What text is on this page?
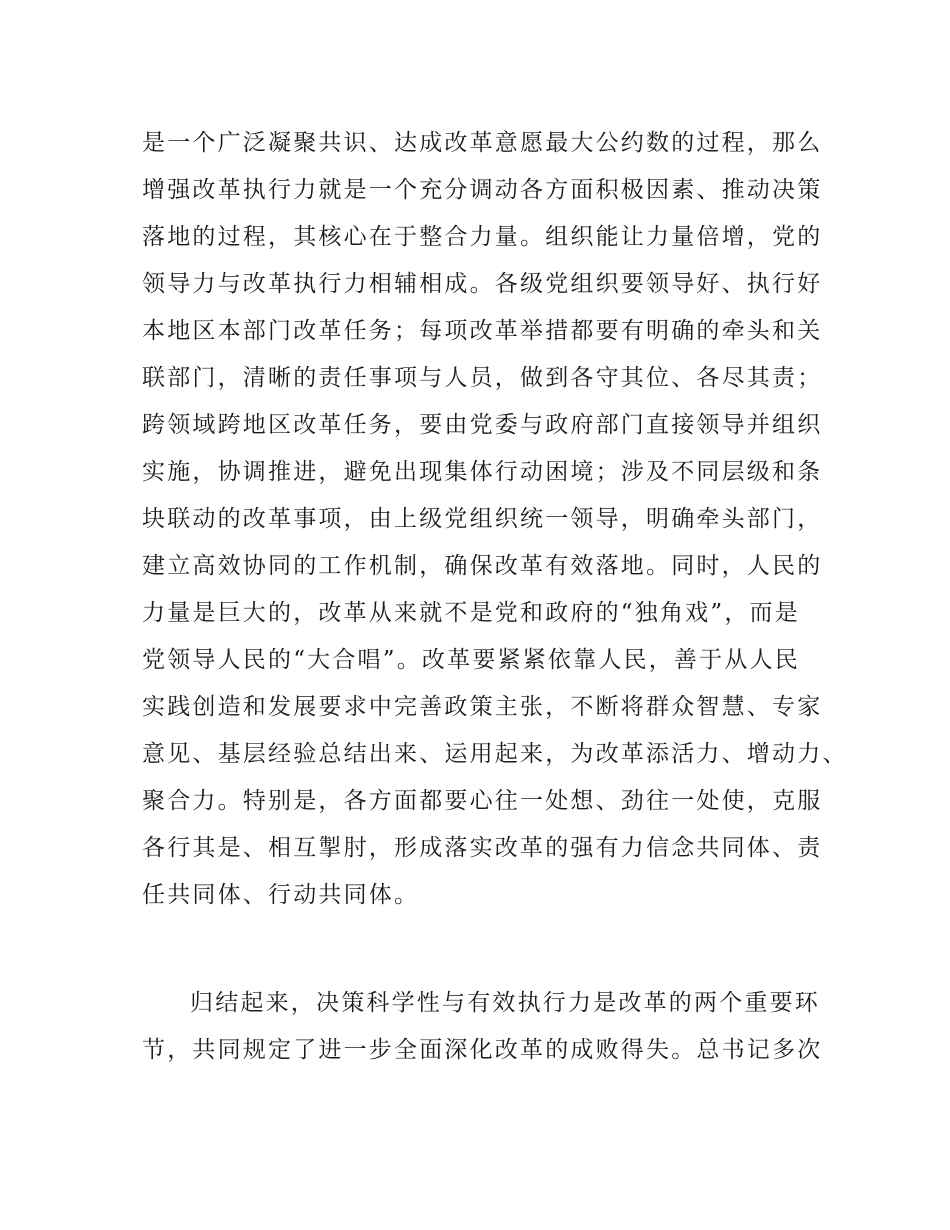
是一个广泛凝聚共识、达成改革意愿最大公约数的过程，那么
增强改革执行力就是一个充分调动各方面积极因素、推动决策
落地的过程，其核心在于整合力量。组织能让力量倍增，党的
领导力与改革执行力相辅相成。各级党组织要领导好、执行好
本地区本部门改革任务；每项改革举措都要有明确的牵头和关
联部门，清晰的责任事项与人员，做到各守其位、各尽其责；
跨领域跨地区改革任务，要由党委与政府部门直接领导并组织
实施，协调推进，避免出现集体行动困境；涉及不同层级和条
块联动的改革事项，由上级党组织统一领导，明确牵头部门，
建立高效协同的工作机制，确保改革有效落地。同时，人民的
力量是巨大的，改革从来就不是党和政府的“独角戏”，而是
党领导人民的“大合唱”。改革要紧紧依靠人民，善于从人民
实践创造和发展要求中完善政策主张，不断将群众智慧、专家
意见、基层经验总结出来、运用起来，为改革添活力、增动力、
聚合力。特别是，各方面都要心往一处想、劲往一处使，克服
各行其是、相互掣肘，形成落实改革的强有力信念共同体、责
任共同体、行动共同体。
归结起来，决策科学性与有效执行力是改革的两个重要环
节，共同规定了进一步全面深化改革的成败得失。总书记多次
